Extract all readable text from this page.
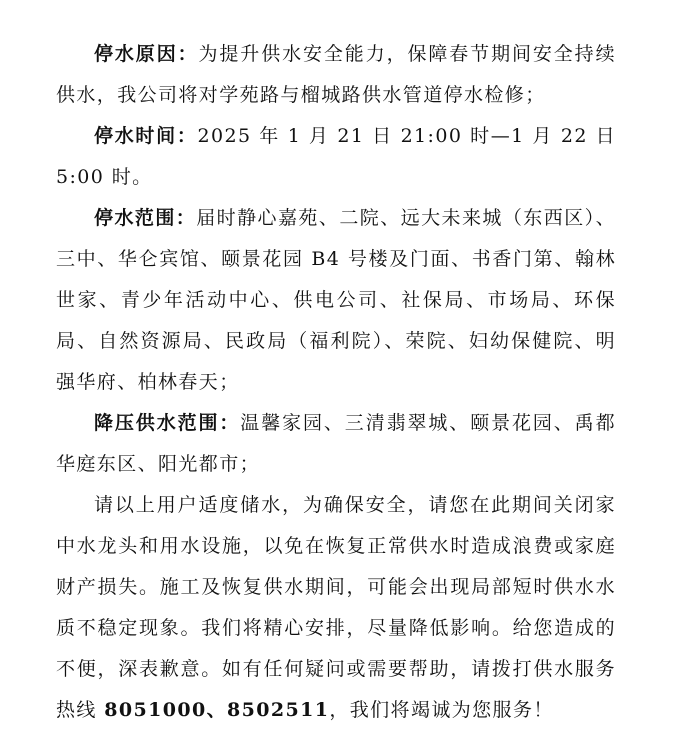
停水原因：为提升供水安全能力，保障春节期间安全持续供水，我公司将对学苑路与榴城路供水管道停水检修；

停水时间：2025 年 1 月 21 日 21:00 时—1 月 22 日 5:00 时。

停水范围：届时静心嘉苑、二院、远大未来城（东西区）、三中、华仑宾馆、颐景花园 B4 号楼及门面、书香门第、翰林世家、青少年活动中心、供电公司、社保局、市场局、环保局、自然资源局、民政局（福利院）、荣院、妇幼保健院、明强华府、柏林春天；

降压供水范围：温馨家园、三清翡翠城、颐景花园、禹都华庭东区、阳光都市；

请以上用户适度储水，为确保安全，请您在此期间关闭家中水龙头和用水设施，以免在恢复正常供水时造成浪费或家庭财产损失。施工及恢复供水期间，可能会出现局部短时供水水质不稳定现象。我们将精心安排，尽量降低影响。给您造成的不便，深表歉意。如有任何疑问或需要帮助，请拨打供水服务热线 8051000、8502511，我们将竭诚为您服务！
